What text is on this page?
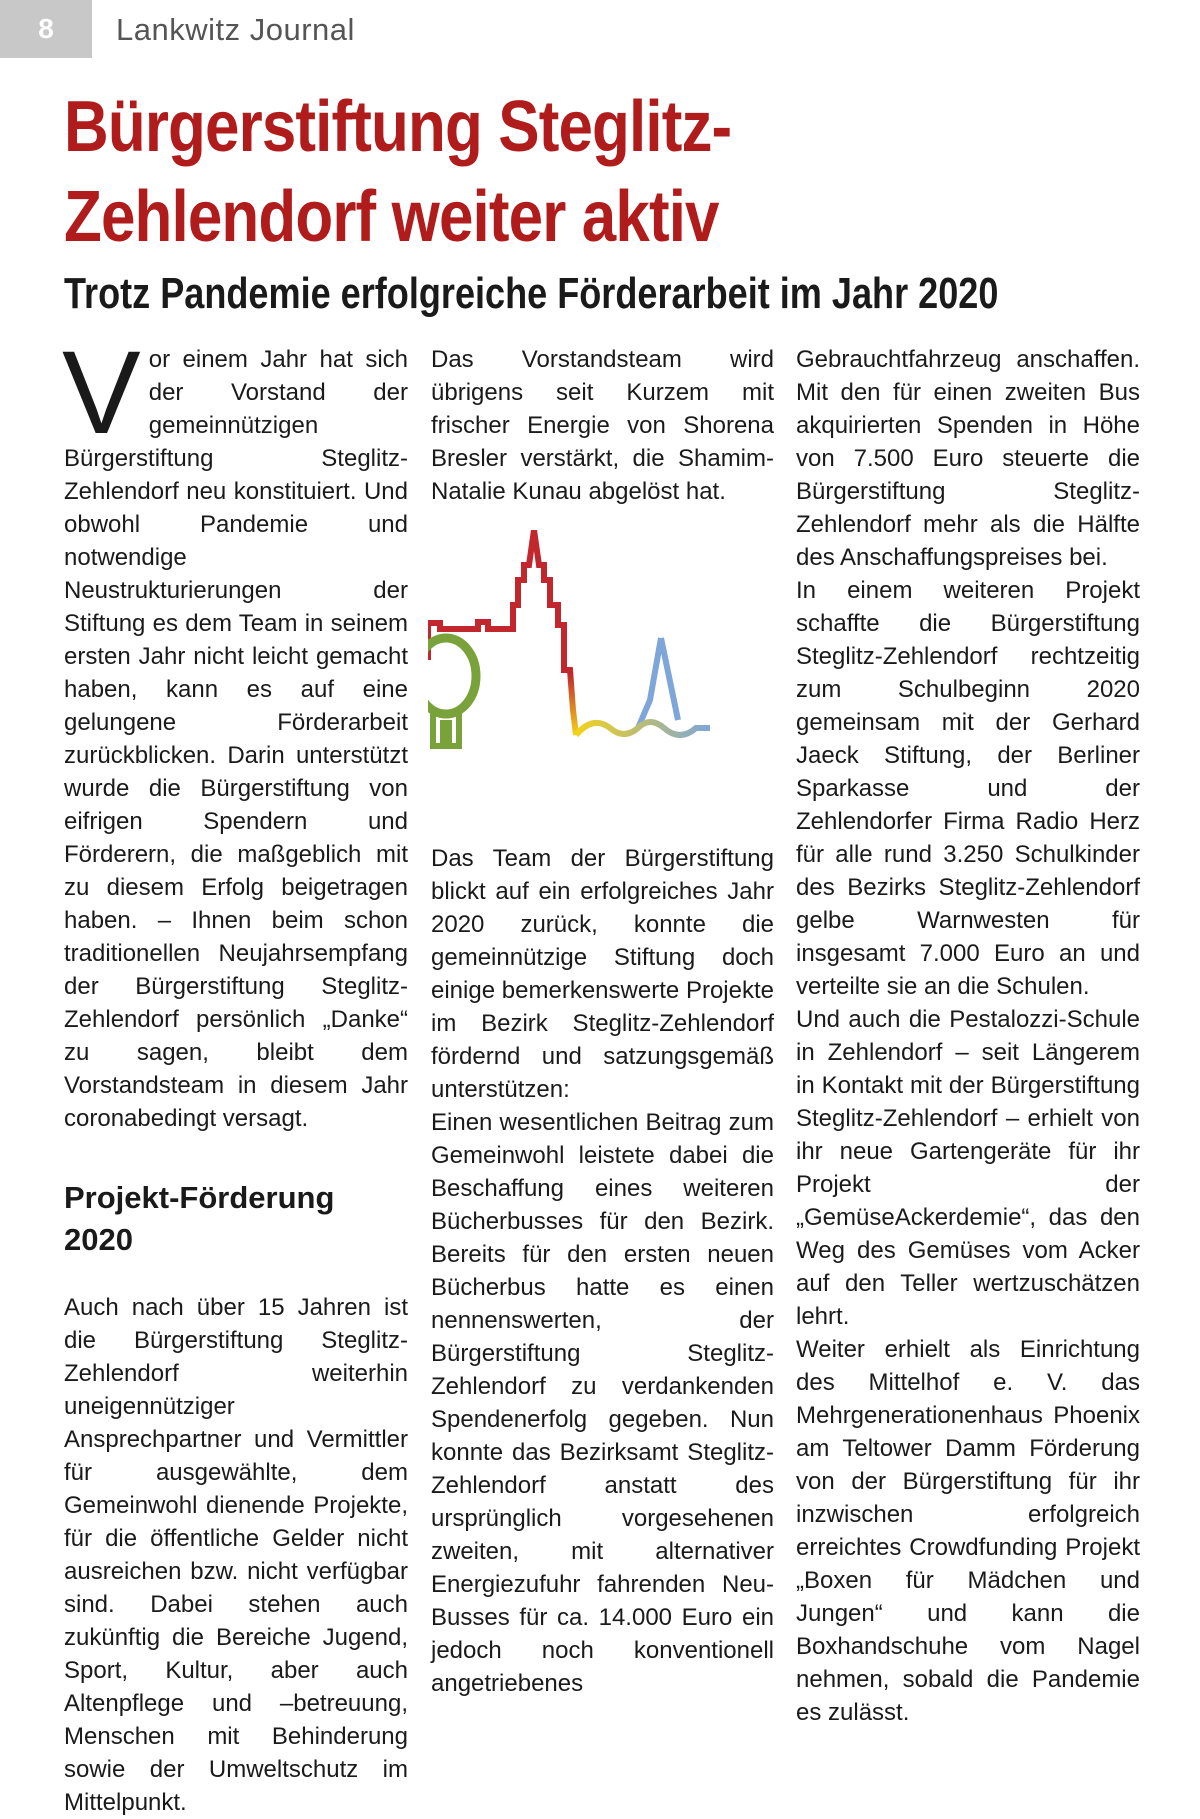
8	Lankwitz Journal
Bürgerstiftung Steglitz-Zehlendorf weiter aktiv
Trotz Pandemie erfolgreiche Förderarbeit im Jahr 2020

Vor einem Jahr hat sich der Vorstand der gemeinnützigen Bürgerstiftung Steglitz-Zehlendorf neu konstituiert. Und obwohl Pandemie und notwendige Neustrukturierungen der Stiftung es dem Team in seinem ersten Jahr nicht leicht gemacht haben, kann es auf eine gelungene Förderarbeit zurückblicken. Darin unterstützt wurde die Bürgerstiftung von eifrigen Spendern und Förderern, die maßgeblich mit zu diesem Erfolg beigetragen haben. – Ihnen beim schon traditionellen Neujahrsempfang der Bürgerstiftung Steglitz-Zehlendorf persönlich „Danke“ zu sagen, bleibt dem Vorstandsteam in diesem Jahr coronabedingt versagt.

Projekt-Förderung 2020

Auch nach über 15 Jahren ist die Bürgerstiftung Steglitz-Zehlendorf weiterhin uneigennütziger Ansprechpartner und Vermittler für ausgewählte, dem Gemeinwohl dienende Projekte, für die öffentliche Gelder nicht ausreichen bzw. nicht verfügbar sind. Dabei stehen auch zukünftig die Bereiche Jugend, Sport, Kultur, aber auch Altenpflege und –betreuung, Menschen mit Behinderung sowie der Umweltschutz im Mittelpunkt.

Das Vorstandsteam wird übrigens seit Kurzem mit frischer Energie von Shorena Bresler verstärkt, die Shamim-Natalie Kunau abgelöst hat.

Das Team der Bürgerstiftung blickt auf ein erfolgreiches Jahr 2020 zurück, konnte die gemeinnützige Stiftung doch einige bemerkenswerte Projekte im Bezirk Steglitz-Zehlendorf fördernd und satzungsgemäß unterstützen:

Einen wesentlichen Beitrag zum Gemeinwohl leistete dabei die Beschaffung eines weiteren Bücherbusses für den Bezirk. Bereits für den ersten neuen Bücherbus hatte es einen nennenswerten, der Bürgerstiftung Steglitz-Zehlendorf zu verdankenden Spendenerfolg gegeben. Nun konnte das Bezirksamt Steglitz-Zehlendorf anstatt des ursprünglich vorgesehenen zweiten, mit alternativer Energiezufuhr fahrenden Neu-Busses für ca. 14.000 Euro ein jedoch noch konventionell angetriebenes

Gebrauchtfahrzeug anschaffen. Mit den für einen zweiten Bus akquirierten Spenden in Höhe von 7.500 Euro steuerte die Bürgerstiftung Steglitz-Zehlendorf mehr als die Hälfte des Anschaffungspreises bei.

In einem weiteren Projekt schaffte die Bürgerstiftung Steglitz-Zehlendorf rechtzeitig zum Schulbeginn 2020 gemeinsam mit der Gerhard Jaeck Stiftung, der Berliner Sparkasse und der Zehlendorfer Firma Radio Herz für alle rund 3.250 Schulkinder des Bezirks Steglitz-Zehlendorf gelbe Warnwesten für insgesamt 7.000 Euro an und verteilte sie an die Schulen.

Und auch die Pestalozzi-Schule in Zehlendorf – seit Längerem in Kontakt mit der Bürgerstiftung Steglitz-Zehlendorf – erhielt von ihr neue Gartengeräte für ihr Projekt der „GemüseAckerdemie“, das den Weg des Gemüses vom Acker auf den Teller wertzuschätzen lehrt.

Weiter erhielt als Einrichtung des Mittelhof e. V. das Mehrgenerationenhaus Phoenix am Teltower Damm Förderung von der Bürgerstiftung für ihr inzwischen erfolgreich erreichtes Crowdfunding Projekt „Boxen für Mädchen und Jungen“ und kann die Boxhandschuhe vom Nagel nehmen, sobald die Pandemie es zulässt.
